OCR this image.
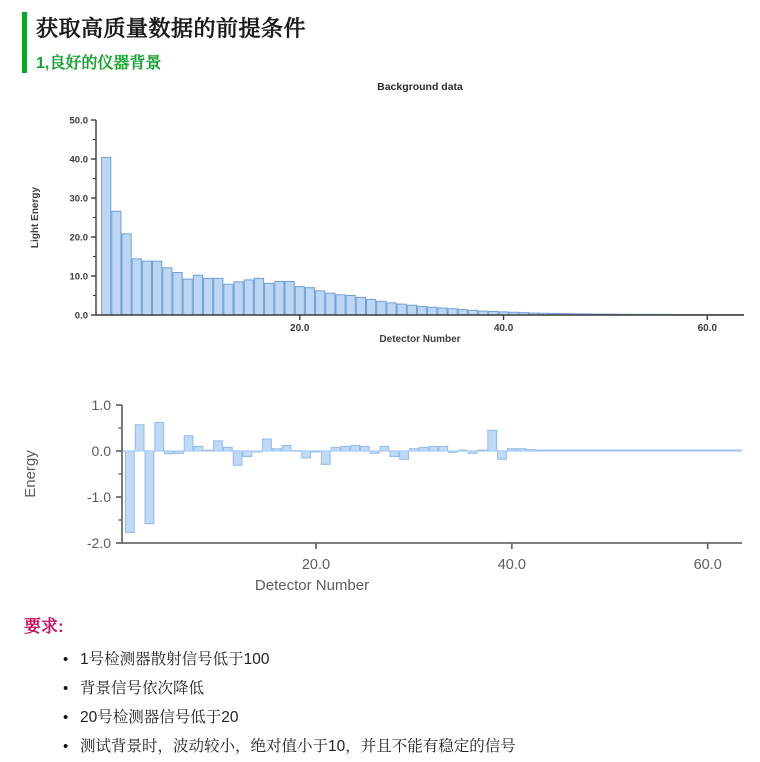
获取高质量数据的前提条件
1,良好的仪器背景
0.0
10.0
20.0
30.0
40.0
50.0
20.0	40.0	60.0
Background data
Detector Number
Light Energy
1.0
0.0
-1.0
-2.0
20.0	40.0	60.0
Detector Number
Energy
要求:
• 1号检测器散射信号低于100
• 背景信号依次降低
• 20号检测器信号低于20
• 测试背景时，波动较小，绝对值小于10，并且不能有稳定的信号
